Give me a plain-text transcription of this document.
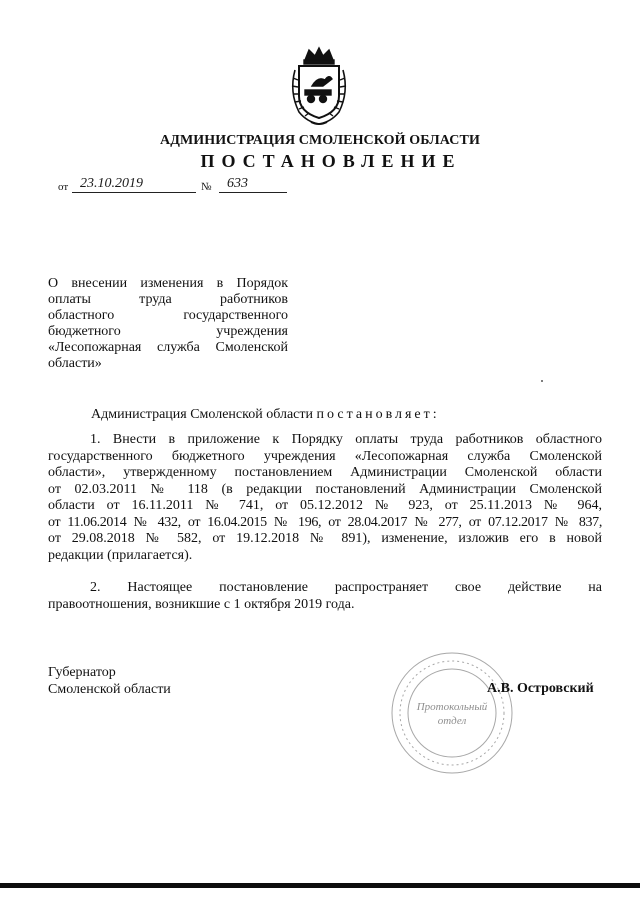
АДМИНИСТРАЦИЯ СМОЛЕНСКОЙ ОБЛАСТИ
ПОСТАНОВЛЕНИЕ
от 23.10.2019	№	633
О внесении изменения в Порядок
оплаты труда работников
областного государственного
бюджетного учреждения
«Лесопожарная служба Смоленской
области»
Администрация Смоленской области постановляет:
1. Внести в приложение к Порядку оплаты труда работников областного
государственного бюджетного учреждения «Лесопожарная служба Смоленской
области», утвержденному постановлением Администрации Смоленской области
от 02.03.2011 № 118 (в редакции постановлений Администрации Смоленской
области от 16.11.2011 № 741, от 05.12.2012 № 923, от 25.11.2013 № 964,
от 11.06.2014 № 432, от 16.04.2015 № 196, от 28.04.2017 № 277, от 07.12.2017 № 837,
от 29.08.2018 № 582, от 19.12.2018 № 891), изменение, изложив его в новой
редакции (прилагается).
2. Настоящее постановление распространяет свое действие на
правоотношения, возникшие с 1 октября 2019 года.
Губернатор
Смоленской области
Протокольный
отдел
А.В. Островский
